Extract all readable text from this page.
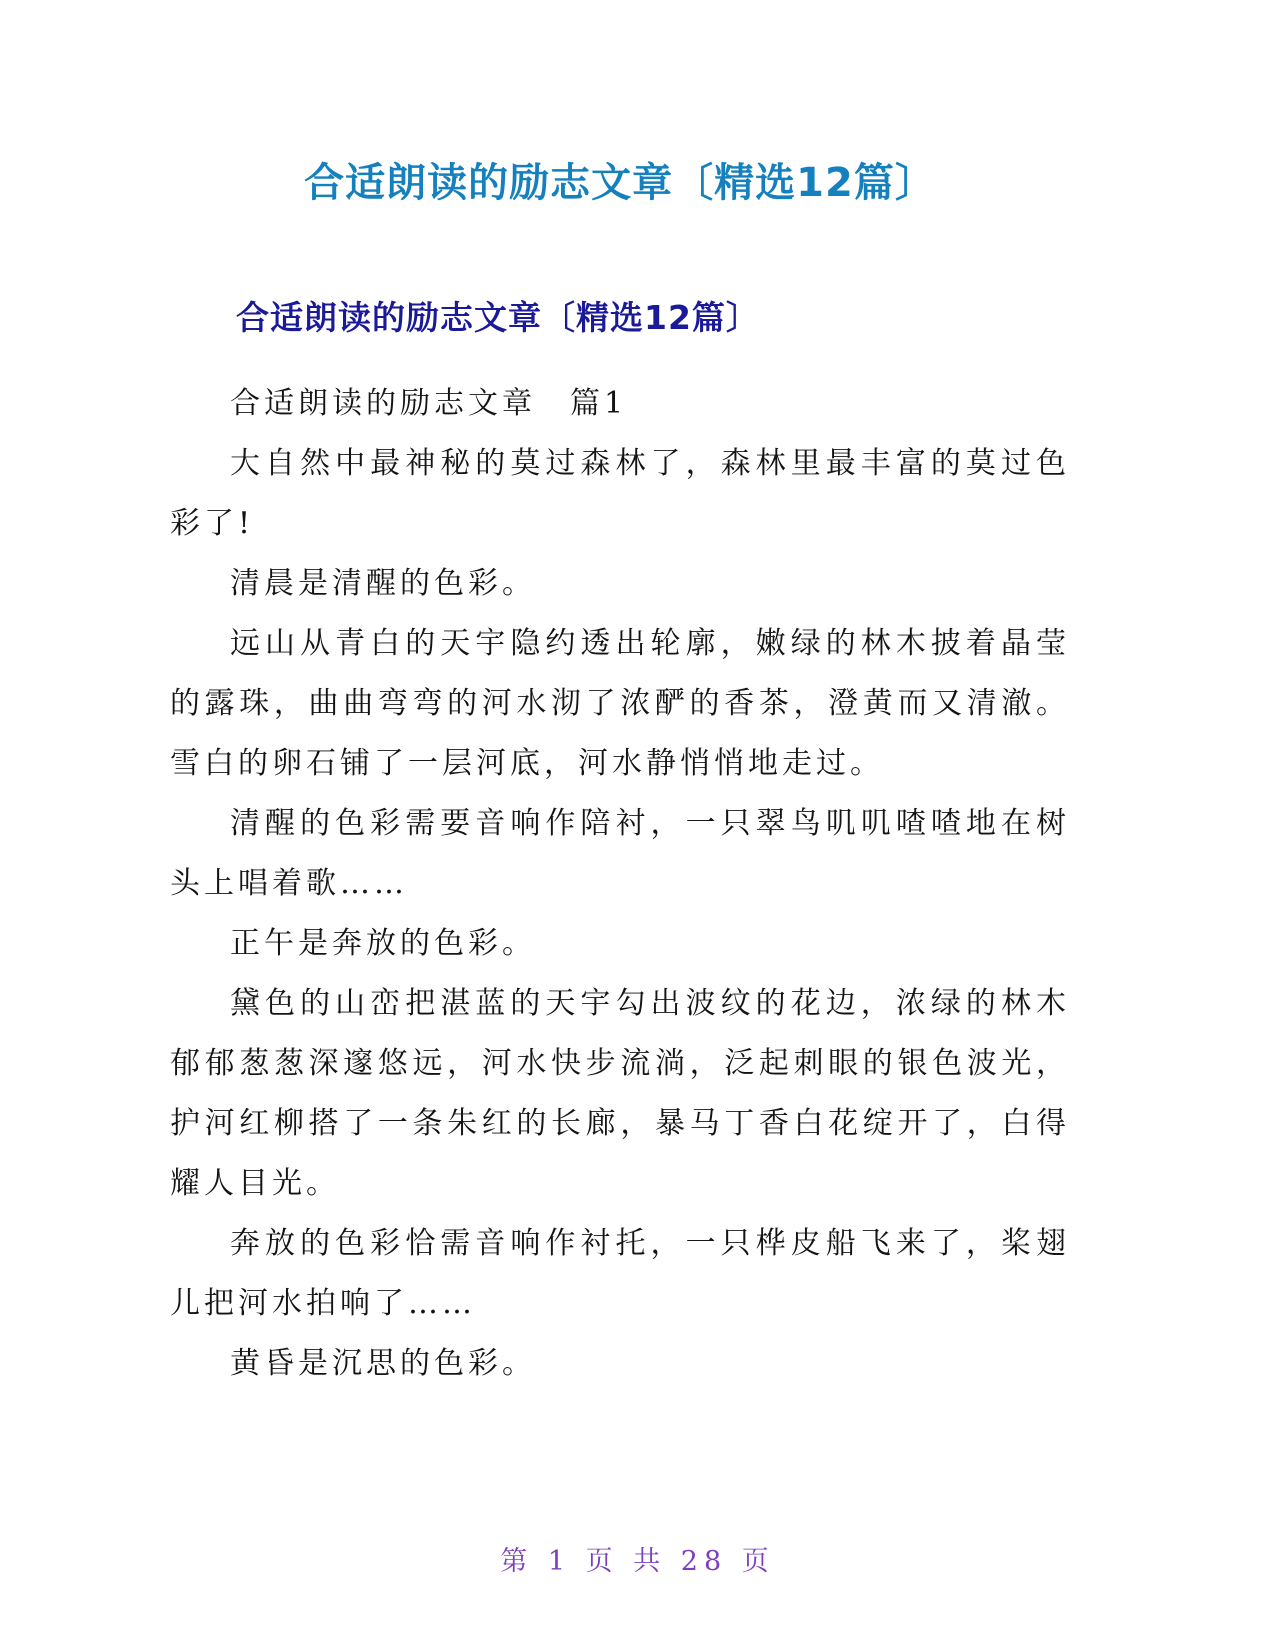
合适朗读的励志文章〔精选12篇〕
合适朗读的励志文章〔精选12篇〕

合适朗读的励志文章　篇1

大自然中最神秘的莫过森林了，森林里最丰富的莫过色彩了!

清晨是清醒的色彩。

远山从青白的天宇隐约透出轮廓，嫩绿的林木披着晶莹的露珠，曲曲弯弯的河水沏了浓酽的香茶，澄黄而又清澈。雪白的卵石铺了一层河底，河水静悄悄地走过。

清醒的色彩需要音响作陪衬，一只翠鸟叽叽喳喳地在树头上唱着歌……

正午是奔放的色彩。

黛色的山峦把湛蓝的天宇勾出波纹的花边，浓绿的林木郁郁葱葱深邃悠远，河水快步流淌，泛起刺眼的银色波光，护河红柳搭了一条朱红的长廊，暴马丁香白花绽开了，白得耀人目光。

奔放的色彩恰需音响作衬托，一只桦皮船飞来了，桨翅儿把河水拍响了……

黄昏是沉思的色彩。

第 1 页 共 28 页
